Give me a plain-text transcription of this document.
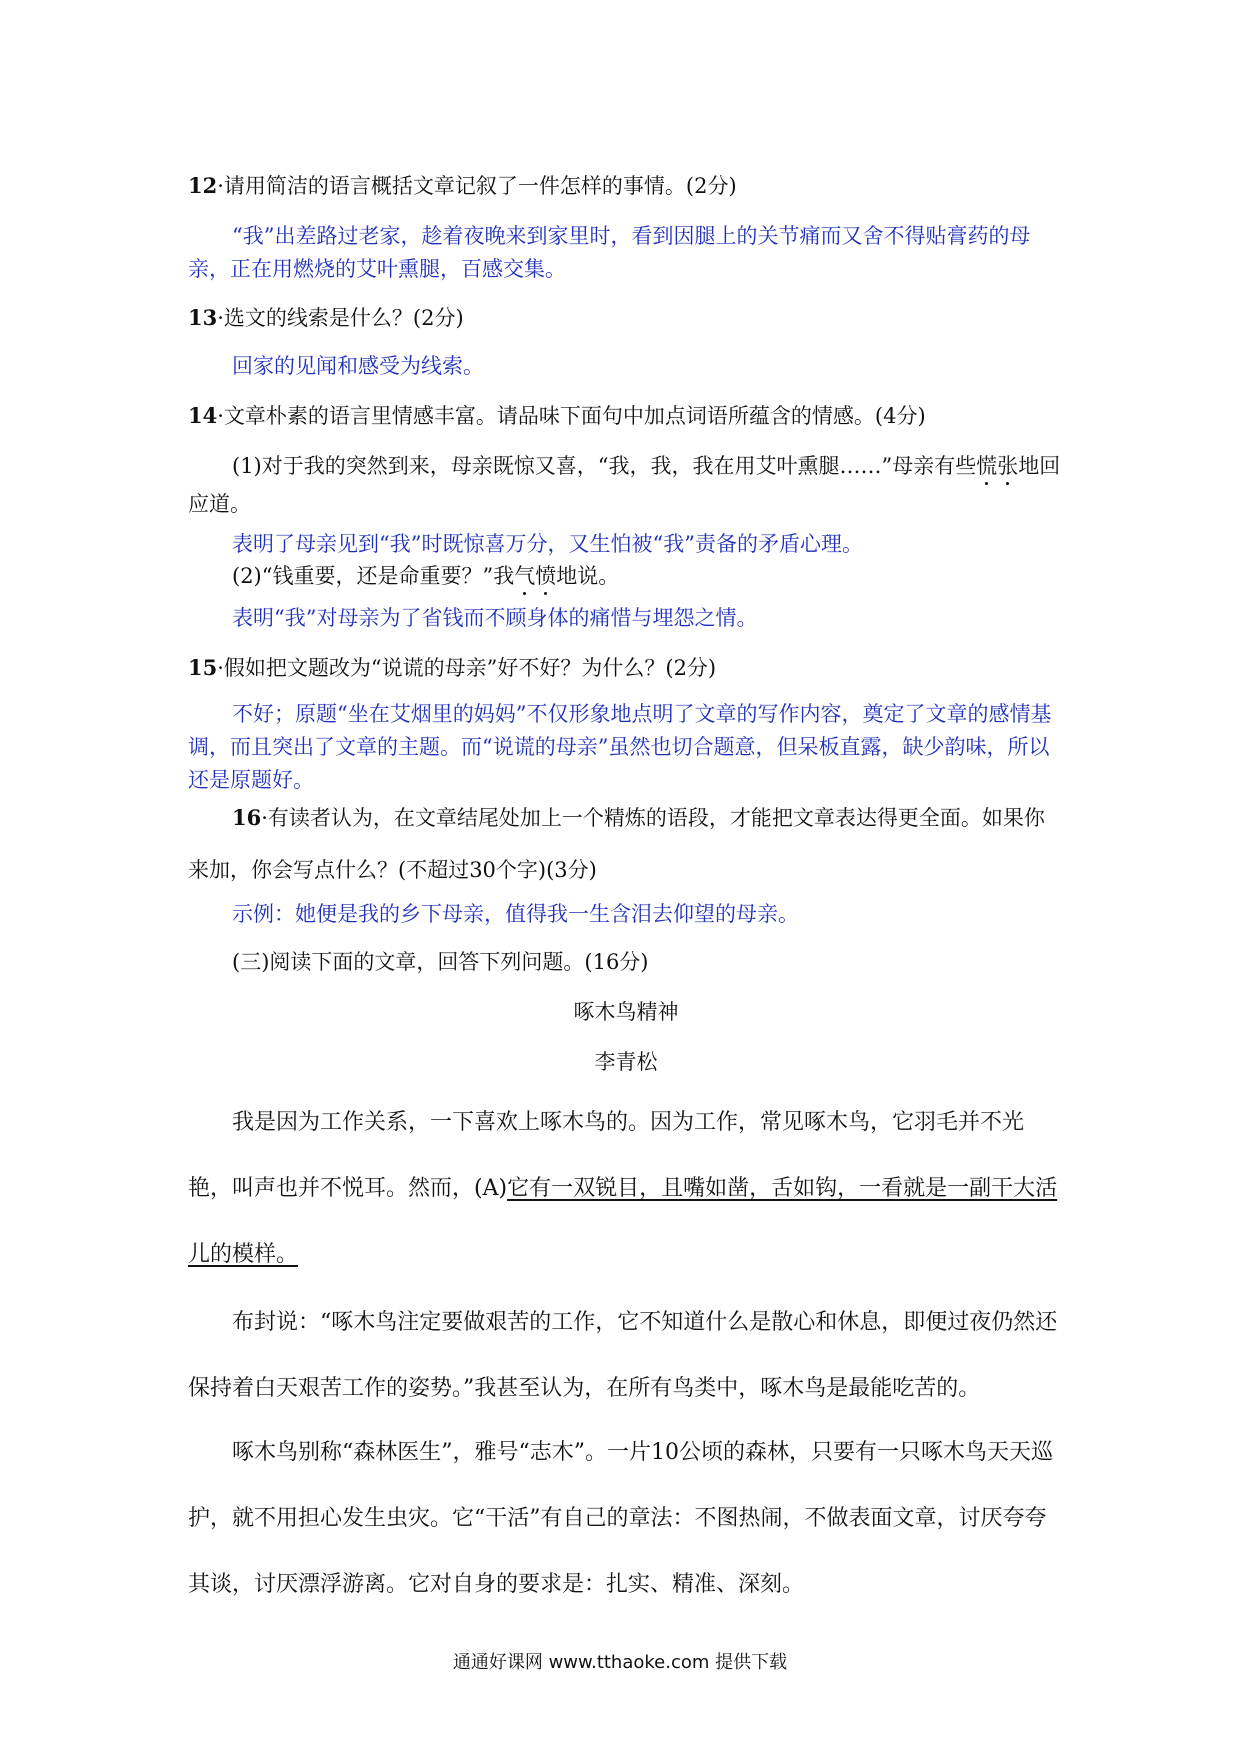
12·请用简洁的语言概括文章记叙了一件怎样的事情。(2分)

“我”出差路过老家，趁着夜晚来到家里时，看到因腿上的关节痛而又舍不得贴膏药的母亲，正在用燃烧的艾叶熏腿，百感交集。

13·选文的线索是什么？(2分)

回家的见闻和感受为线索。

14·文章朴素的语言里情感丰富。请品味下面句中加点词语所蕴含的情感。(4分)

(1)对于我的突然到来，母亲既惊又喜，“我，我，我在用艾叶熏腿……”母亲有些慌张地回应道。

表明了母亲见到“我”时既惊喜万分，又生怕被“我”责备的矛盾心理。

(2)“钱重要，还是命重要？”我气愤地说。

表明“我”对母亲为了省钱而不顾身体的痛惜与埋怨之情。

15·假如把文题改为“说谎的母亲”好不好？为什么？(2分)

不好；原题“坐在艾烟里的妈妈”不仅形象地点明了文章的写作内容，奠定了文章的感情基调，而且突出了文章的主题。而“说谎的母亲”虽然也切合题意，但呆板直露，缺少韵味，所以还是原题好。

16·有读者认为，在文章结尾处加上一个精炼的语段，才能把文章表达得更全面。如果你来加，你会写点什么？(不超过30个字)(3分)

示例：她便是我的乡下母亲，值得我一生含泪去仰望的母亲。

(三)阅读下面的文章，回答下列问题。(16分)

啄木鸟精神

李青松

我是因为工作关系，一下喜欢上啄木鸟的。因为工作，常见啄木鸟，它羽毛并不光艳，叫声也并不悦耳。然而，(A)它有一双锐目，且嘴如凿，舌如钩，一看就是一副干大活儿的模样。

布封说：“啄木鸟注定要做艰苦的工作，它不知道什么是散心和休息，即便过夜仍然还保持着白天艰苦工作的姿势。”我甚至认为，在所有鸟类中，啄木鸟是最能吃苦的。

啄木鸟别称“森林医生”，雅号“志木”。一片10公顷的森林，只要有一只啄木鸟天天巡护，就不用担心发生虫灾。它“干活”有自己的章法：不图热闹，不做表面文章，讨厌夸夸其谈，讨厌漂浮游离。它对自身的要求是：扎实、精准、深刻。

通通好课网 www.tthaoke.com 提供下载
